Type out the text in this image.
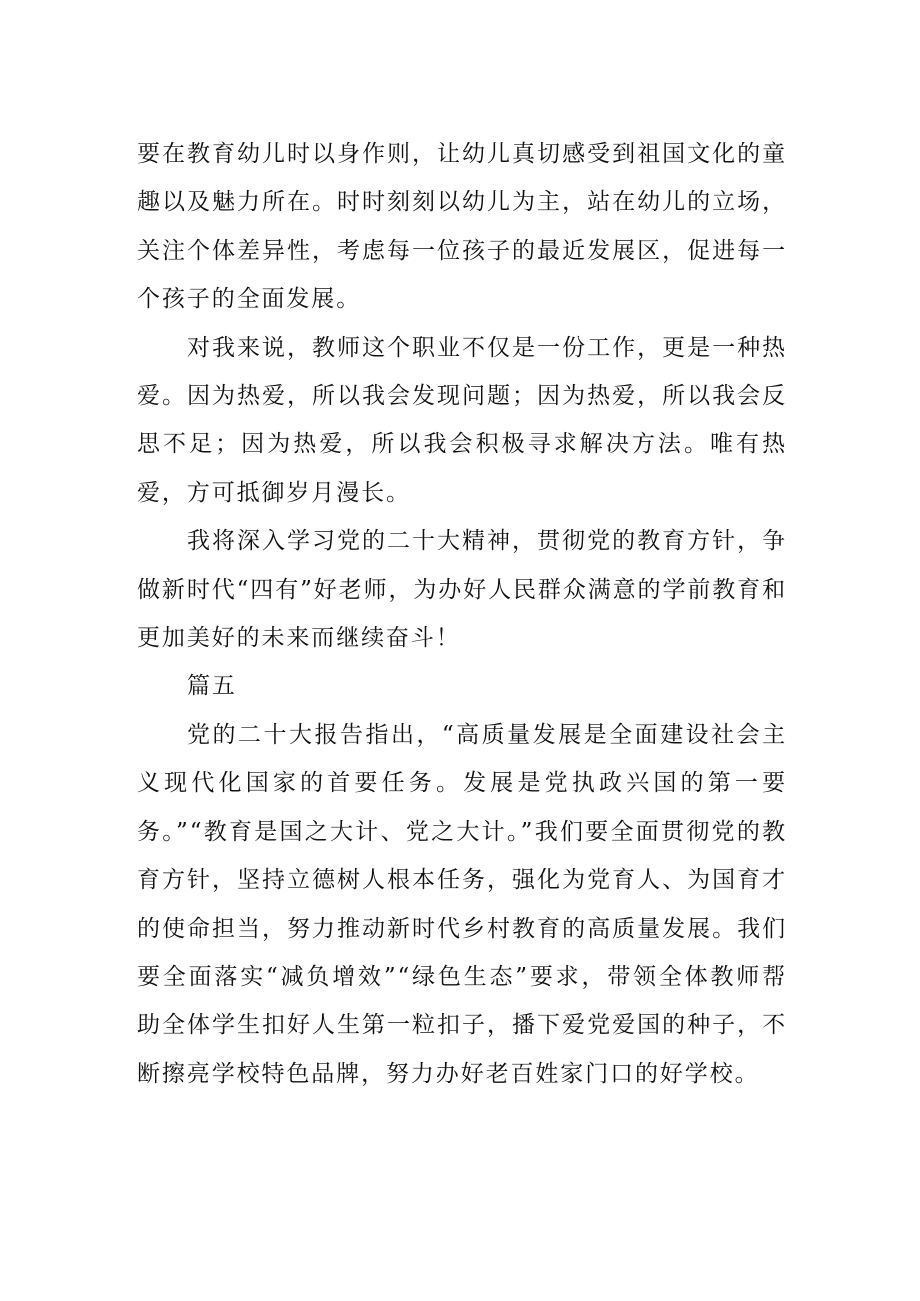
要在教育幼儿时以身作则，让幼儿真切感受到祖国文化的童趣以及魅力所在。时时刻刻以幼儿为主，站在幼儿的立场，关注个体差异性，考虑每一位孩子的最近发展区，促进每一个孩子的全面发展。

对我来说，教师这个职业不仅是一份工作，更是一种热爱。因为热爱，所以我会发现问题；因为热爱，所以我会反思不足；因为热爱，所以我会积极寻求解决方法。唯有热爱，方可抵御岁月漫长。

我将深入学习党的二十大精神，贯彻党的教育方针，争做新时代“四有”好老师，为办好人民群众满意的学前教育和更加美好的未来而继续奋斗！

篇五

党的二十大报告指出，“高质量发展是全面建设社会主义现代化国家的首要任务。发展是党执政兴国的第一要务。”“教育是国之大计、党之大计。”我们要全面贯彻党的教育方针，坚持立德树人根本任务，强化为党育人、为国育才的使命担当，努力推动新时代乡村教育的高质量发展。我们要全面落实“减负增效”“绿色生态”要求，带领全体教师帮助全体学生扣好人生第一粒扣子，播下爱党爱国的种子，不断擦亮学校特色品牌，努力办好老百姓家门口的好学校。
